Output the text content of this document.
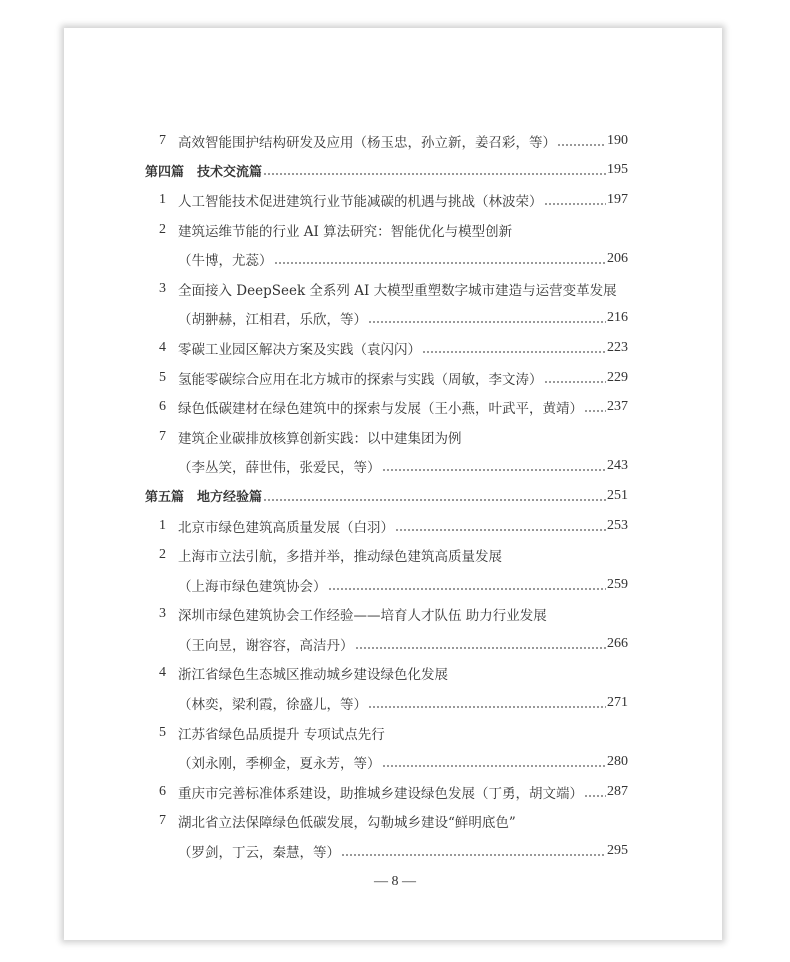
7 高效智能围护结构研发及应用（杨玉忠，孙立新，姜召彩，等）	190
第四篇　技术交流篇	195
1 人工智能技术促进建筑行业节能减碳的机遇与挑战（林波荣）	197
2 建筑运维节能的行业 AI 算法研究：智能优化与模型创新
（牛博，尤蕊）	206
3 全面接入 DeepSeek 全系列 AI 大模型重塑数字城市建造与运营变革发展
（胡翀赫，江相君，乐欣，等）	216
4 零碳工业园区解决方案及实践（袁闪闪）	223
5 氢能零碳综合应用在北方城市的探索与实践（周敏，李文涛）	229
6 绿色低碳建材在绿色建筑中的探索与发展（王小燕，叶武平，黄靖） 237
7 建筑企业碳排放核算创新实践：以中建集团为例
（李丛笑，薛世伟，张爱民，等）	243
第五篇　地方经验篇	251
1 北京市绿色建筑高质量发展（白羽）	253
2 上海市立法引航，多措并举，推动绿色建筑高质量发展
（上海市绿色建筑协会）	259
3 深圳市绿色建筑协会工作经验——培育人才队伍 助力行业发展
（王向昱，谢容容，高洁丹）	266
4 浙江省绿色生态城区推动城乡建设绿色化发展
（林奕，梁利霞，徐盛儿，等）	271
5 江苏省绿色品质提升 专项试点先行
（刘永刚，季柳金，夏永芳，等）	280
6 重庆市完善标准体系建设，助推城乡建设绿色发展（丁勇，胡文端） 287
7 湖北省立法保障绿色低碳发展，勾勒城乡建设“鲜明底色”
（罗剑，丁云，秦慧，等）	295
— 8 —
